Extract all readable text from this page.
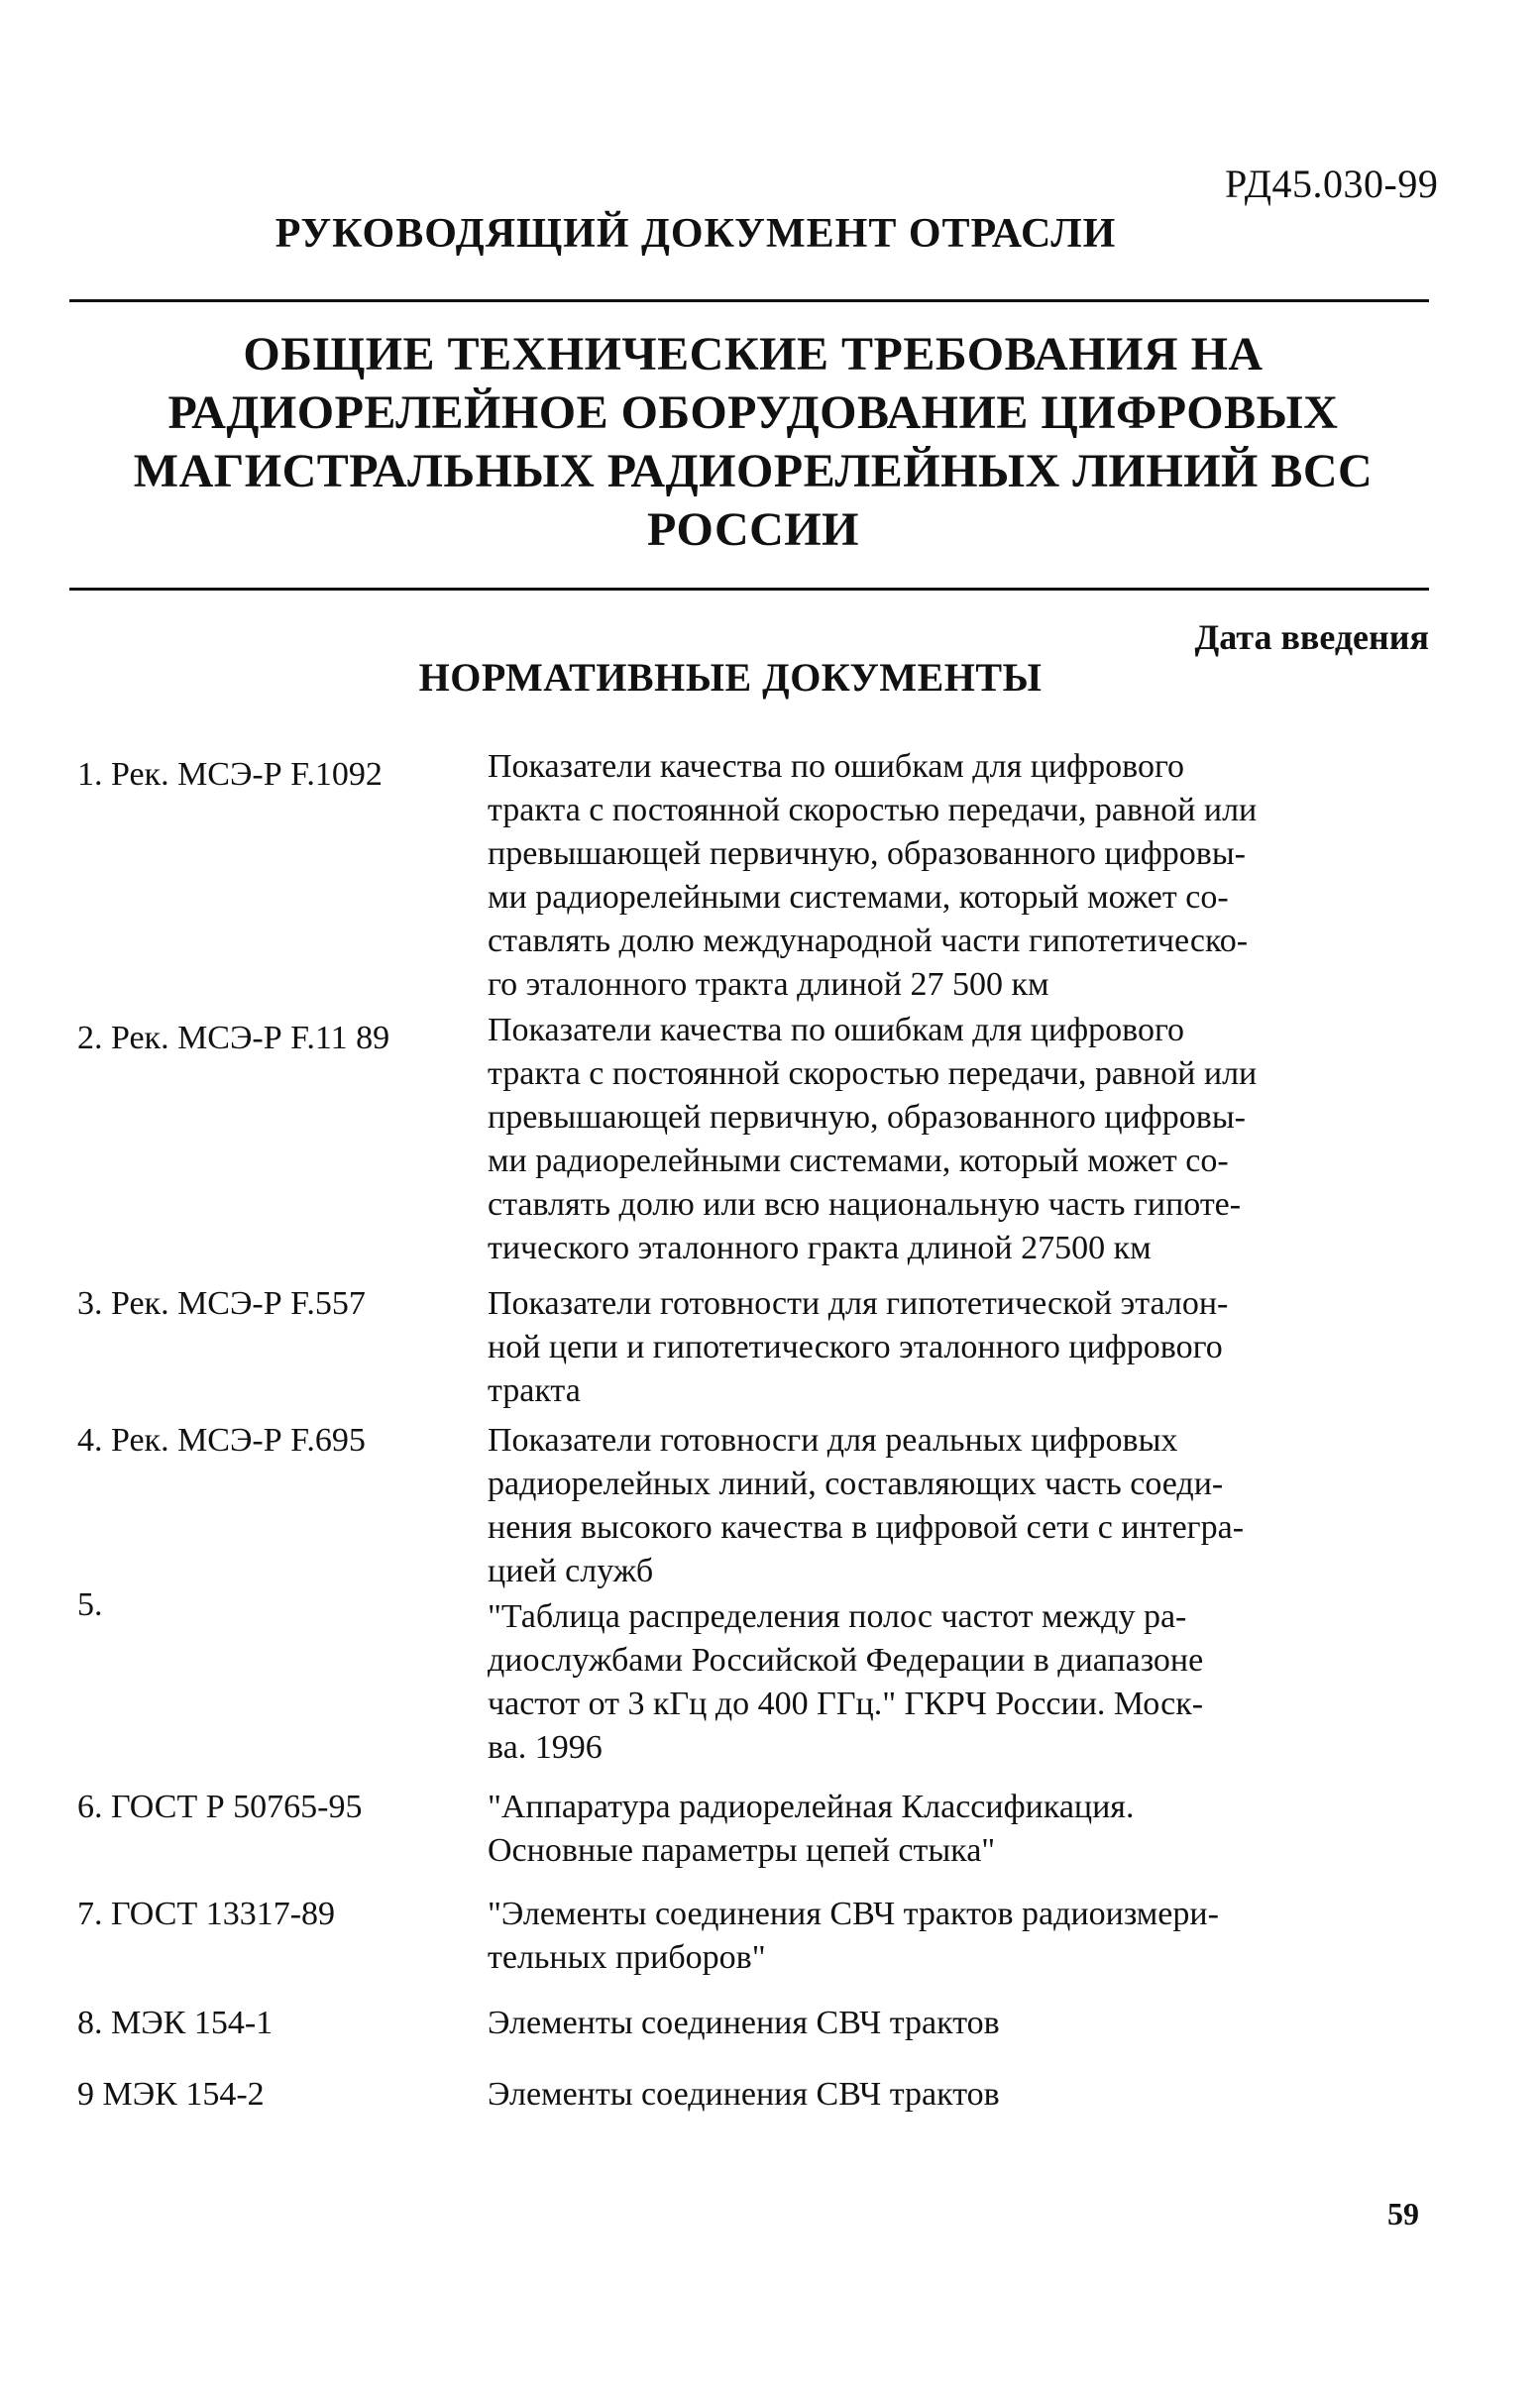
РД45.030-99
РУКОВОДЯЩИЙ ДОКУМЕНТ ОТРАСЛИ
ОБЩИЕ ТЕХНИЧЕСКИЕ ТРЕБОВАНИЯ НА
РАДИОРЕЛЕЙНОЕ ОБОРУДОВАНИЕ ЦИФРОВЫХ
МАГИСТРАЛЬНЫХ РАДИОРЕЛЕЙНЫХ ЛИНИЙ ВСС
РОССИИ
Дата введения
НОРМАТИВНЫЕ ДОКУМЕНТЫ
1. Рек. МСЭ-Р F.1092	Показатели качества по ошибкам для цифрового
тракта с постоянной скоростью передачи, равной или
превышающей первичную, образованного цифровы-
ми радиорелейными системами, который может со-
ставлять долю международной части гипотетическо-
го эталонного тракта длиной 27 500 км
2. Рек. МСЭ-Р F.11 89	Показатели качества по ошибкам для цифрового
тракта с постоянной скоростью передачи, равной или
превышающей первичную, образованного цифровы-
ми радиорелейными системами, который может со-
ставлять долю или всю национальную часть гипоте-
тического эталонного гракта длиной 27500 км
3. Рек. МСЭ-Р F.557	Показатели готовности для гипотетической эталон-
ной цепи и гипотетического эталонного цифрового
тракта
4. Рек. МСЭ-Р F.695	Показатели готовносги для реальных цифровых
радиорелейных линий, составляющих часть соеди-
нения высокого качества в цифровой сети с интегра-
цией служб
5.	"Таблица распределения полос частот между ра-
диослужбами Российской Федерации в диапазоне
частот от 3 кГц до 400 ГГц." ГКРЧ России. Моск-
ва. 1996
6. ГОСТ Р 50765-95	"Аппаратура радиорелейная Классификация.
Основные параметры цепей стыка"
7. ГОСТ 13317-89	"Элементы соединения СВЧ трактов радиоизмери-
тельных приборов"
8. МЭК 154-1	Элементы соединения СВЧ трактов
9 МЭК 154-2	Элементы соединения СВЧ трактов
59
